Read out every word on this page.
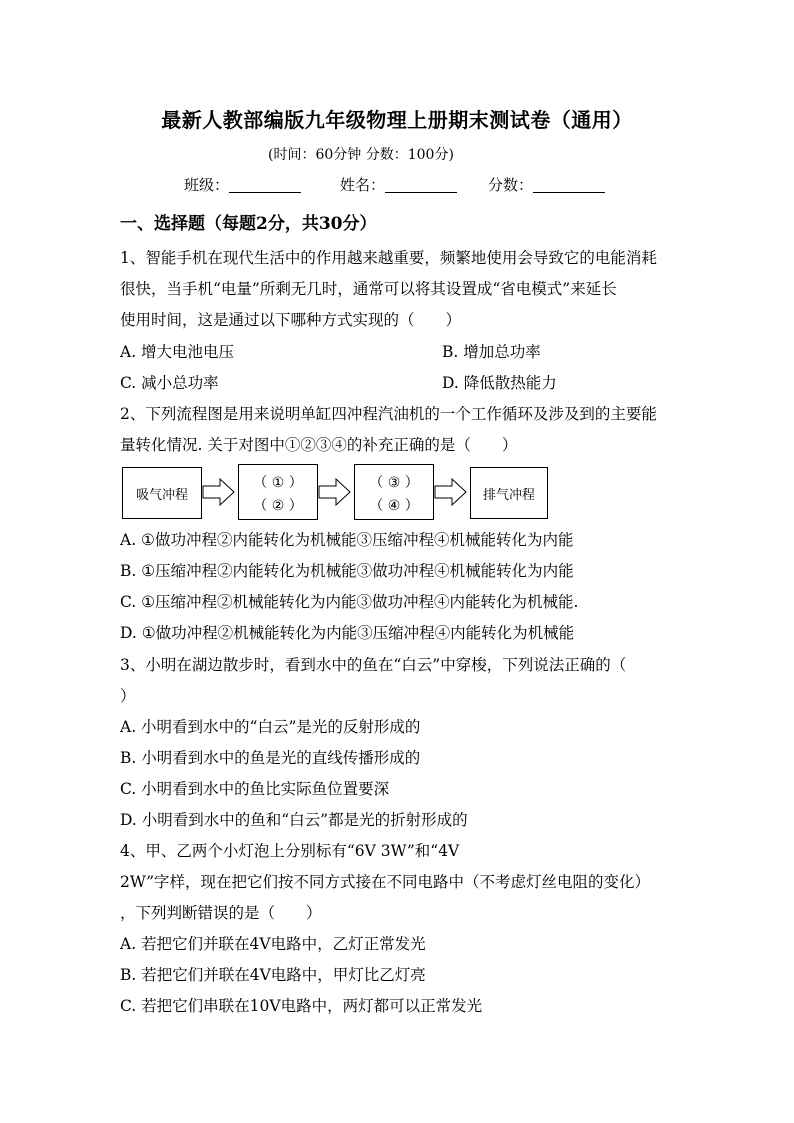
最新人教部编版九年级物理上册期末测试卷（通用）
(时间：60分钟 分数：100分)
班级：	姓名：	分数：
一、选择题（每题2分，共30分）
1、智能手机在现代生活中的作用越来越重要，频繁地使用会导致它的电能消耗
很快，当手机“电量”所剩无几时，通常可以将其设置成“省电模式”来延长
使用时间，这是通过以下哪种方式实现的（　　）
A. 增大电池电压	B. 增加总功率
C. 减小总功率	D. 降低散热能力
2、下列流程图是用来说明单缸四冲程汽油机的一个工作循环及涉及到的主要能
量转化情况. 关于对图中①②③④的补充正确的是（　　）
吸气冲程
（ ① ）
（ ② ）
（ ③ ）
（ ④ ）
排气冲程
A. ①做功冲程②内能转化为机械能③压缩冲程④机械能转化为内能
B. ①压缩冲程②内能转化为机械能③做功冲程④机械能转化为内能
C. ①压缩冲程②机械能转化为内能③做功冲程④内能转化为机械能.
D. ①做功冲程②机械能转化为内能③压缩冲程④内能转化为机械能
3、小明在湖边散步时，看到水中的鱼在“白云”中穿梭，下列说法正确的（
）
A. 小明看到水中的“白云”是光的反射形成的
B. 小明看到水中的鱼是光的直线传播形成的
C. 小明看到水中的鱼比实际鱼位置要深
D. 小明看到水中的鱼和“白云”都是光的折射形成的
4、甲、乙两个小灯泡上分别标有“6V 3W”和“4V
2W”字样，现在把它们按不同方式接在不同电路中（不考虑灯丝电阻的变化）
，下列判断错误的是（　　）
A. 若把它们并联在4V电路中，乙灯正常发光
B. 若把它们并联在4V电路中，甲灯比乙灯亮
C. 若把它们串联在10V电路中，两灯都可以正常发光
